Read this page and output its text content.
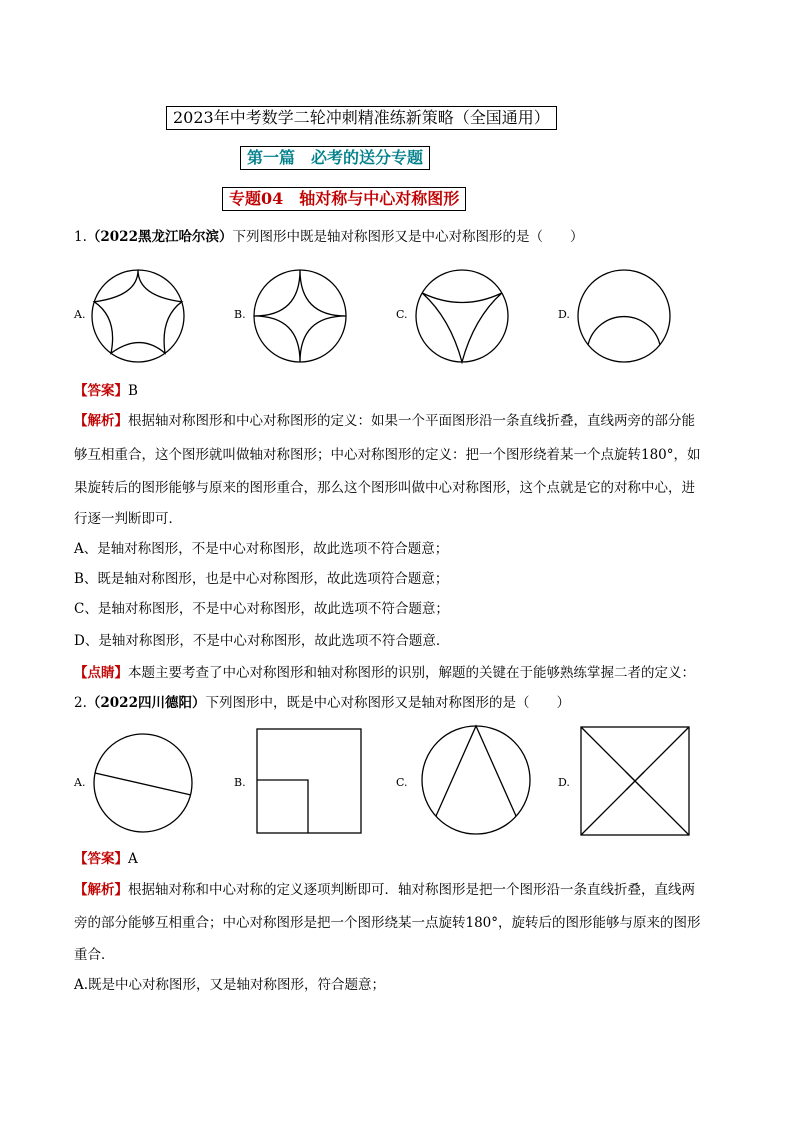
2023年中考数学二轮冲刺精准练新策略（全国通用）
第一篇　必考的送分专题
专题04　轴对称与中心对称图形
1.（2022黑龙江哈尔滨）下列图形中既是轴对称图形又是中心对称图形的是（　　）
A.	B.	C.	D.
【答案】B
【解析】根据轴对称图形和中心对称图形的定义：如果一个平面图形沿一条直线折叠，直线两旁的部分能
够互相重合，这个图形就叫做轴对称图形；中心对称图形的定义：把一个图形绕着某一个点旋转180°，如
果旋转后的图形能够与原来的图形重合，那么这个图形叫做中心对称图形，这个点就是它的对称中心，进
行逐一判断即可．
A、是轴对称图形，不是中心对称图形，故此选项不符合题意；
B、既是轴对称图形，也是中心对称图形，故此选项符合题意；
C、是轴对称图形，不是中心对称图形，故此选项不符合题意；
D、是轴对称图形，不是中心对称图形，故此选项不符合题意．
【点睛】本题主要考查了中心对称图形和轴对称图形的识别，解题的关键在于能够熟练掌握二者的定义：
2.（2022四川德阳）下列图形中，既是中心对称图形又是轴对称图形的是（　　）
A.	B.	C.	D.
【答案】A
【解析】根据轴对称和中心对称的定义逐项判断即可．轴对称图形是把一个图形沿一条直线折叠，直线两
旁的部分能够互相重合；中心对称图形是把一个图形绕某一点旋转180°，旋转后的图形能够与原来的图形
重合．
A.既是中心对称图形，又是轴对称图形，符合题意；
